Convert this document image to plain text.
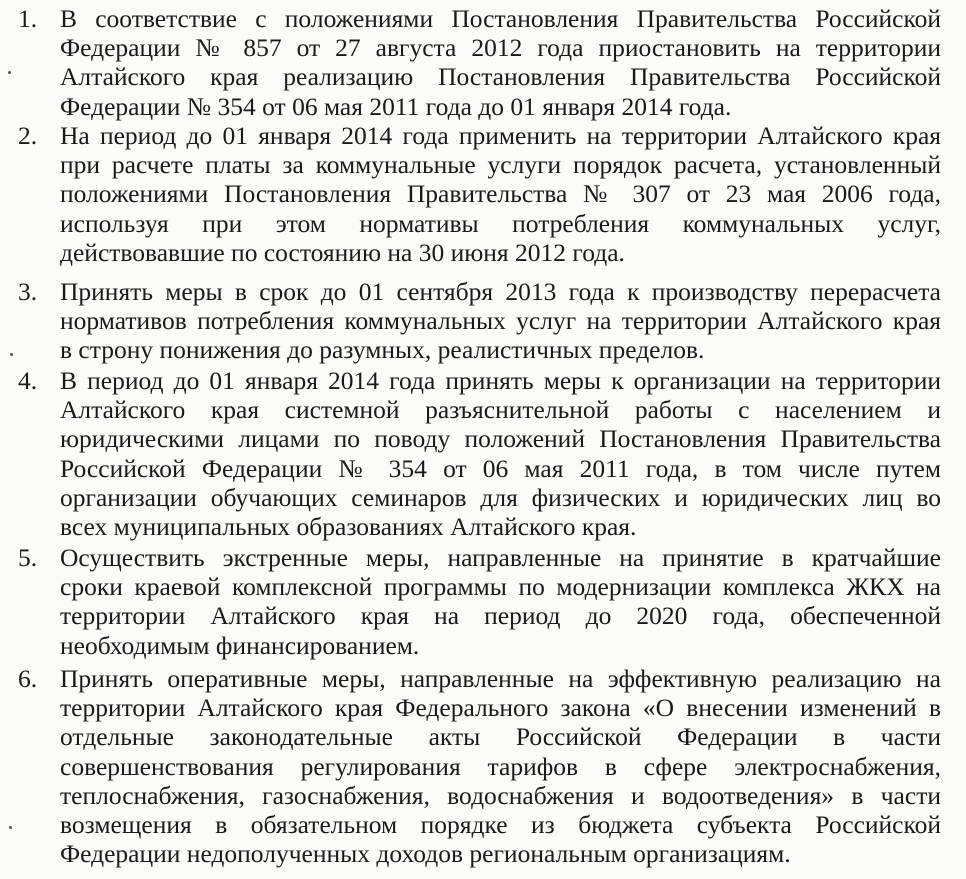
1. В соответствие с положениями Постановления Правительства Российской
Федерации № 857 от 27 августа 2012 года приостановить на территории
Алтайского края реализацию Постановления Правительства Российской
Федерации № 354 от 06 мая 2011 года до 01 января 2014 года.
2. На период до 01 января 2014 года применить на территории Алтайского края
при расчете платы за коммунальные услуги порядок расчета, установленный
положениями Постановления Правительства № 307 от 23 мая 2006 года,
используя при этом нормативы потребления коммунальных услуг,
действовавшие по состоянию на 30 июня 2012 года.
3. Принять меры в срок до 01 сентября 2013 года к производству перерасчета
нормативов потребления коммунальных услуг на территории Алтайского края
в строну понижения до разумных, реалистичных пределов.
4. В период до 01 января 2014 года принять меры к организации на территории
Алтайского края системной разъяснительной работы с населением и
юридическими лицами по поводу положений Постановления Правительства
Российской Федерации № 354 от 06 мая 2011 года, в том числе путем
организации обучающих семинаров для физических и юридических лиц во
всех муниципальных образованиях Алтайского края.
5. Осуществить экстренные меры, направленные на принятие в кратчайшие
сроки краевой комплексной программы по модернизации комплекса ЖКХ на
территории Алтайского края на период до 2020 года, обеспеченной
необходимым финансированием.
6. Принять оперативные меры, направленные на эффективную реализацию на
территории Алтайского края Федерального закона «О внесении изменений в
отдельные законодательные акты Российской Федерации в части
совершенствования регулирования тарифов в сфере электроснабжения,
теплоснабжения, газоснабжения, водоснабжения и водоотведения» в части
возмещения в обязательном порядке из бюджета субъекта Российской
Федерации недополученных доходов региональным организациям.
